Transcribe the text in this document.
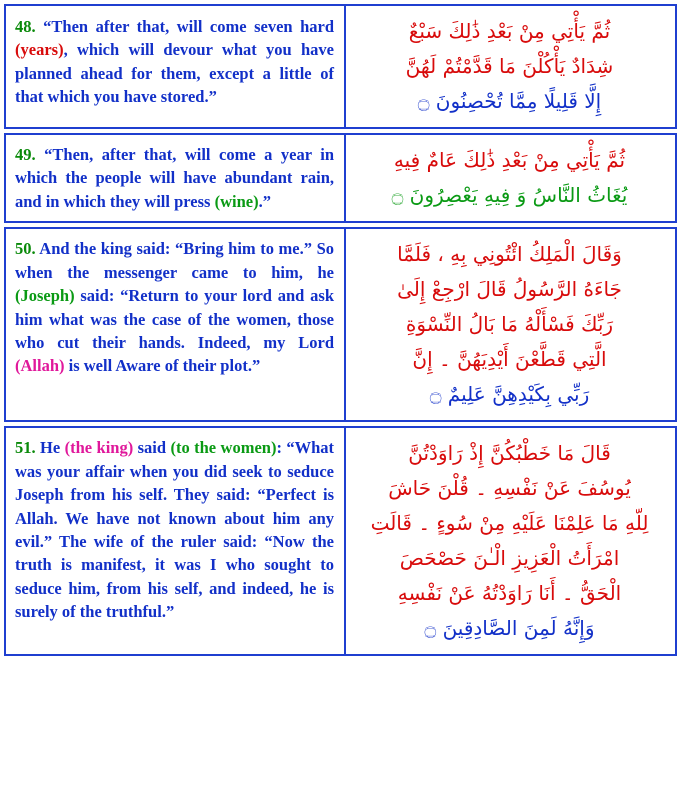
48. “Then after that, will come seven hard (years), which will devour what you have planned ahead for them, except a little of that which you have stored.”
ثُمَّ يَأْتِي مِنْ بَعْدِ ذَٰلِكَ سَبْعٌ
شِدَادٌ يَأْكُلْنَ مَا قَدَّمْتُمْ لَهُنَّ
إِلَّا قَلِيلًا مِمَّا تُحْصِنُونَ ۝
49. “Then, after that, will come a year in which the people will have abundant rain, and in which they will press (wine).”
ثُمَّ يَأْتِي مِنْ بَعْدِ ذَٰلِكَ عَامٌ فِيهِ
يُغَاثُ النَّاسُ وَ فِيهِ يَعْصِرُونَ ۝
50. And the king said: “Bring him to me.” So when the messenger came to him, he (Joseph) said: “Return to your lord and ask him what was the case of the women, those who cut their hands. Indeed, my Lord (Allah) is well Aware of their plot.”
وَقَالَ الْمَلِكُ ائْتُونِي بِهِ ، فَلَمَّا
جَاءَهُ الرَّسُولُ قَالَ ارْجِعْ إِلَىٰ
رَبِّكَ فَسْأَلْهُ مَا بَالُ النِّسْوَةِ
الَّتِي قَطَّعْنَ أَيْدِيَهُنَّ ۔ إِنَّ
رَبِّي بِكَيْدِهِنَّ عَلِيمٌ ۝
51. He (the king) said (to the women): “What was your affair when you did seek to seduce Joseph from his self. They said: “Perfect is Allah. We have not known about him any evil.” The wife of the ruler said: “Now the truth is manifest, it was I who sought to seduce him, from his self, and indeed, he is surely of the truthful.”
قَالَ مَا خَطْبُكُنَّ إِذْ رَاوَدْتُنَّ
يُوسُفَ عَنْ نَفْسِهِ ۔ قُلْنَ حَاشَ
لِلّهِ مَا عَلِمْنَا عَلَيْهِ مِنْ سُوءٍ ۔ قَالَتِ
امْرَأَتُ الْعَزِيزِ الْـٰنَ حَصْحَصَ
الْحَقُّ ۔ أَنَا رَاوَدْتُهُ عَنْ نَفْسِهِ
وَإِنَّهُ لَمِنَ الصَّادِقِينَ ۝
